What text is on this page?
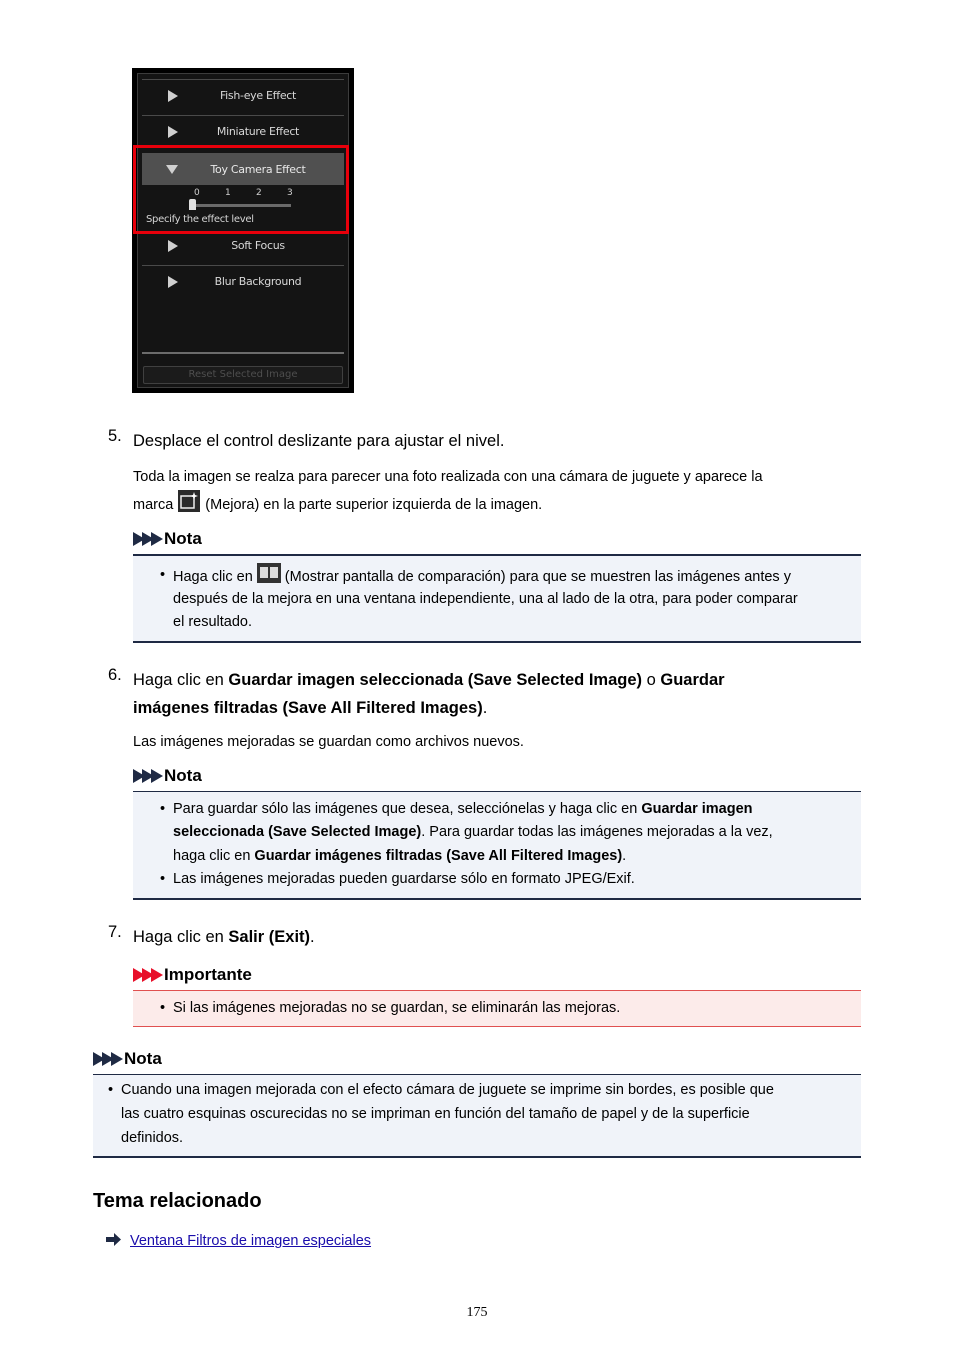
Fish-eye Effect
Miniature Effect
Soft Focus
Blur Background
Reset Selected Image
Toy Camera Effect
0	1	2	3
Specify the effect level
5. Desplace el control deslizante para ajustar el nivel.
Toda la imagen se realza para parecer una foto realizada con una cámara de juguete y aparece la
marca (Mejora) en la parte superior izquierda de la imagen.
Nota
• Haga clic en (Mostrar pantalla de comparación) para que se muestren las imágenes antes y
después de la mejora en una ventana independiente, una al lado de la otra, para poder comparar
el resultado.
6. Haga clic en Guardar imagen seleccionada (Save Selected Image) o Guardar
imágenes filtradas (Save All Filtered Images).
Las imágenes mejoradas se guardan como archivos nuevos.
Nota
• Para guardar sólo las imágenes que desea, selecciónelas y haga clic en Guardar imagen
seleccionada (Save Selected Image). Para guardar todas las imágenes mejoradas a la vez,
haga clic en Guardar imágenes filtradas (Save All Filtered Images).
• Las imágenes mejoradas pueden guardarse sólo en formato JPEG/Exif.
7. Haga clic en Salir (Exit).
Importante
• Si las imágenes mejoradas no se guardan, se eliminarán las mejoras.
Nota
• Cuando una imagen mejorada con el efecto cámara de juguete se imprime sin bordes, es posible que
las cuatro esquinas oscurecidas no se impriman en función del tamaño de papel y de la superficie
definidos.
Tema relacionado
Ventana Filtros de imagen especiales
175
